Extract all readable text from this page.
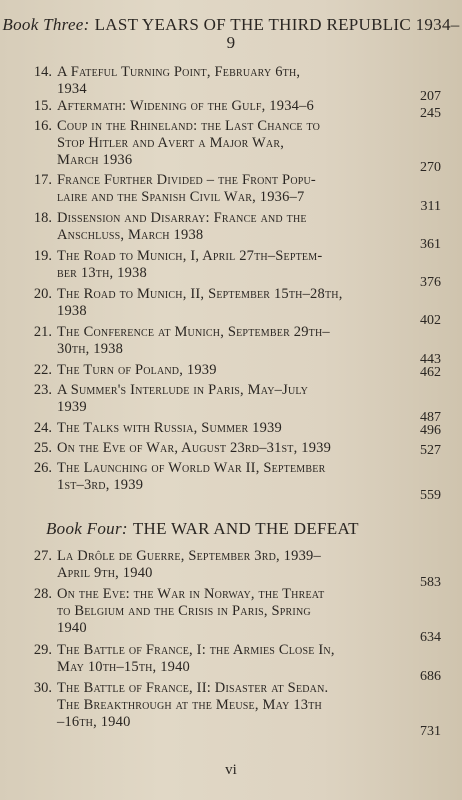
Book Three: LAST YEARS OF THE THIRD REPUBLIC 1934–9
14. A Fateful Turning Point, February 6th,
1934	207
15. Aftermath: Widening of the Gulf, 1934–6	245
16. Coup in the Rhineland: the Last Chance to
Stop Hitler and Avert a Major War,
March 1936	270
17. France Further Divided – the Front Popu-
laire and the Spanish Civil War, 1936–7
311
18. Dissension and Disarray: France and the
Anschluss, March 1938
361
19. The Road to Munich, I, April 27th–Septem-
ber 13th, 1938
376
20. The Road to Munich, II, September 15th–28th,
1938
402
21. The Conference at Munich, September 29th–
30th, 1938
443
22. The Turn of Poland, 1939	462
23. A Summer's Interlude in Paris, May–July
1939
487
24. The Talks with Russia, Summer 1939	496
25. On the Eve of War, August 23rd–31st, 1939	527
26. The Launching of World War II, September
1st–3rd, 1939
559
Book Four: THE WAR AND THE DEFEAT
27. La Drôle de Guerre, September 3rd, 1939–
April 9th, 1940
583
28. On the Eve: the War in Norway, the Threat
to Belgium and the Crisis in Paris, Spring
1940
634
29. The Battle of France, I: the Armies Close In,
May 10th–15th, 1940
686
30. The Battle of France, II: Disaster at Sedan.
The Breakthrough at the Meuse, May 13th
–16th, 1940
731
vi
